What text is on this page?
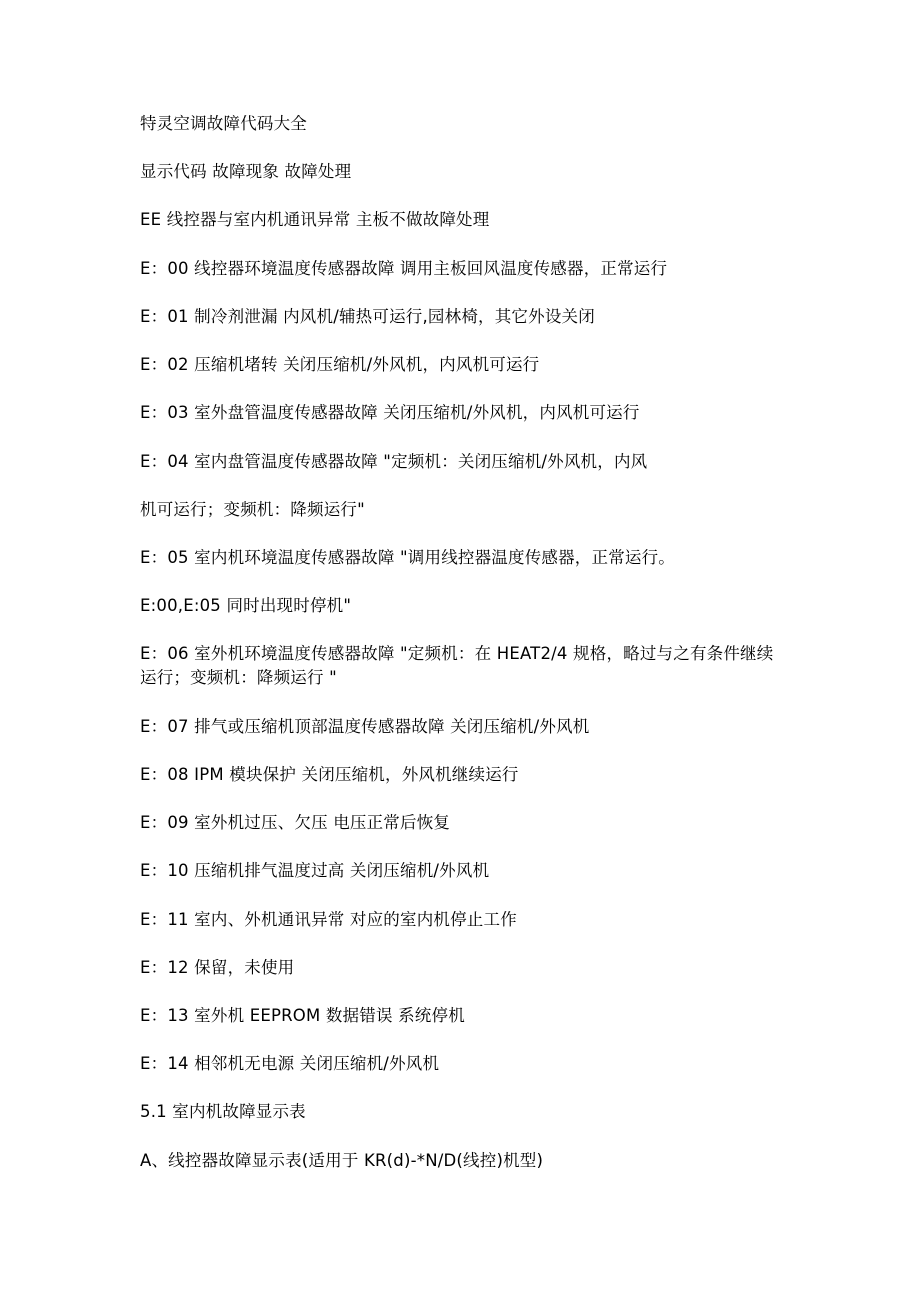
特灵空调故障代码大全
显示代码 故障现象 故障处理
EE 线控器与室内机通讯异常 主板不做故障处理
E：00 线控器环境温度传感器故障 调用主板回风温度传感器，正常运行
E：01 制冷剂泄漏 内风机/辅热可运行,园林椅，其它外设关闭
E：02 压缩机堵转 关闭压缩机/外风机，内风机可运行
E：03 室外盘管温度传感器故障 关闭压缩机/外风机，内风机可运行
E：04 室内盘管温度传感器故障 "定频机：关闭压缩机/外风机，内风
机可运行；变频机：降频运行"
E：05 室内机环境温度传感器故障 "调用线控器温度传感器，正常运行。
E:00,E:05 同时出现时停机"
E：06 室外机环境温度传感器故障 "定频机：在 HEAT2/4 规格，略过与之有条件继续运行；变频机：降频运行 "
E：07 排气或压缩机顶部温度传感器故障 关闭压缩机/外风机
E：08 IPM 模块保护 关闭压缩机，外风机继续运行
E：09 室外机过压、欠压 电压正常后恢复
E：10 压缩机排气温度过高 关闭压缩机/外风机
E：11 室内、外机通讯异常 对应的室内机停止工作
E：12 保留，未使用
E：13 室外机 EEPROM 数据错误 系统停机
E：14 相邻机无电源 关闭压缩机/外风机
5.1 室内机故障显示表
A、线控器故障显示表(适用于 KR(d)-*N/D(线控)机型)
